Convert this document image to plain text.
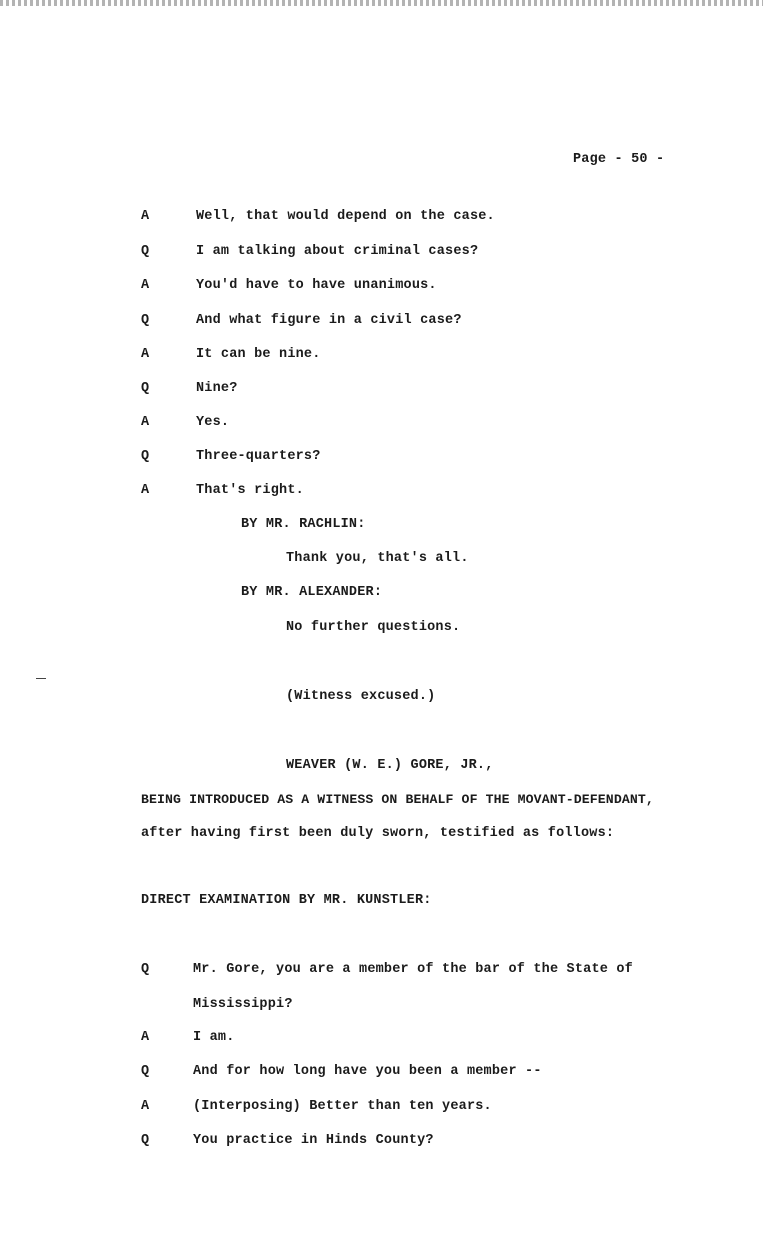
Page - 50 -
A	Well, that would depend on the case.
Q	I am talking about criminal cases?
A	You'd have to have unanimous.
Q	And what figure in a civil case?
A	It can be nine.
Q	Nine?
A	Yes.
Q	Three-quarters?
A	That's right.
BY MR. RACHLIN:
Thank you, that's all.
BY MR. ALEXANDER:
No further questions.
(Witness excused.)
WEAVER (W. E.) GORE, JR.,
BEING INTRODUCED AS A WITNESS ON BEHALF OF THE MOVANT-DEFENDANT,
after having first been duly sworn, testified as follows:
DIRECT EXAMINATION BY MR. KUNSTLER:
Q	Mr. Gore, you are a member of the bar of the State of
Mississippi?
A	I am.
Q	And for how long have you been a member --
A	(Interposing) Better than ten years.
Q	You practice in Hinds County?
